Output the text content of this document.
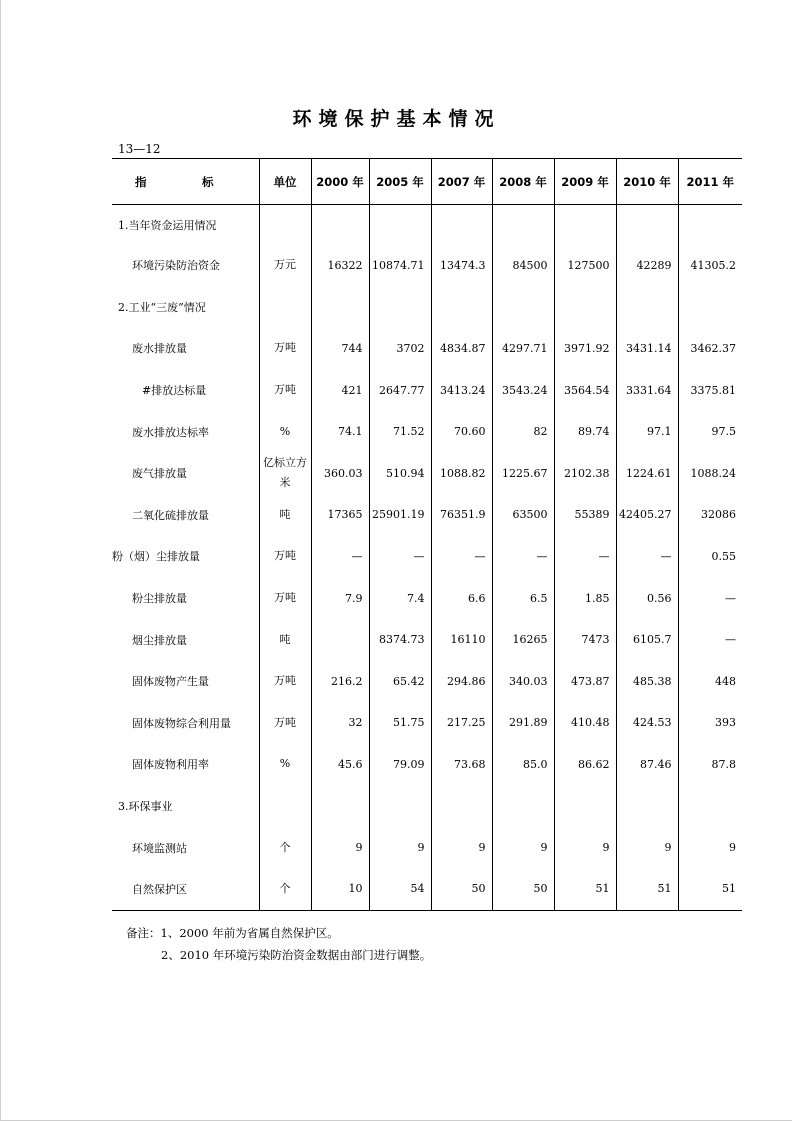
环境保护基本情况
13—12
指　标	单位	2000 年	2005 年	2007 年	2008 年	2009 年	2010 年	2011 年
1.当年资金运用情况								
环境污染防治资金	万元	16322	10874.71	13474.3	84500	127500	42289	41305.2
2.工业“三废”情况								
废水排放量	万吨	744	3702	4834.87	4297.71	3971.92	3431.14	3462.37
#排放达标量	万吨	421	2647.77	3413.24	3543.24	3564.54	3331.64	3375.81
废水排放达标率	%	74.1	71.52	70.60	82	89.74	97.1	97.5
废气排放量	亿标立方米	360.03	510.94	1088.82	1225.67	2102.38	1224.61	1088.24
二氧化硫排放量	吨	17365	25901.19	76351.9	63500	55389	42405.27	32086
粉（烟）尘排放量	万吨	—	—	—	—	—	—	0.55
粉尘排放量	万吨	7.9	7.4	6.6	6.5	1.85	0.56	—
烟尘排放量	吨		8374.73	16110	16265	7473	6105.7	—
固体废物产生量	万吨	216.2	65.42	294.86	340.03	473.87	485.38	448
固体废物综合利用量	万吨	32	51.75	217.25	291.89	410.48	424.53	393
固体废物利用率	%	45.6	79.09	73.68	85.0	86.62	87.46	87.8
3.环保事业								
环境监测站	个	9	9	9	9	9	9	9
自然保护区	个	10	54	50	50	51	51	51
备注：1、2000 年前为省属自然保护区。
2、2010 年环境污染防治资金数据由部门进行调整。
